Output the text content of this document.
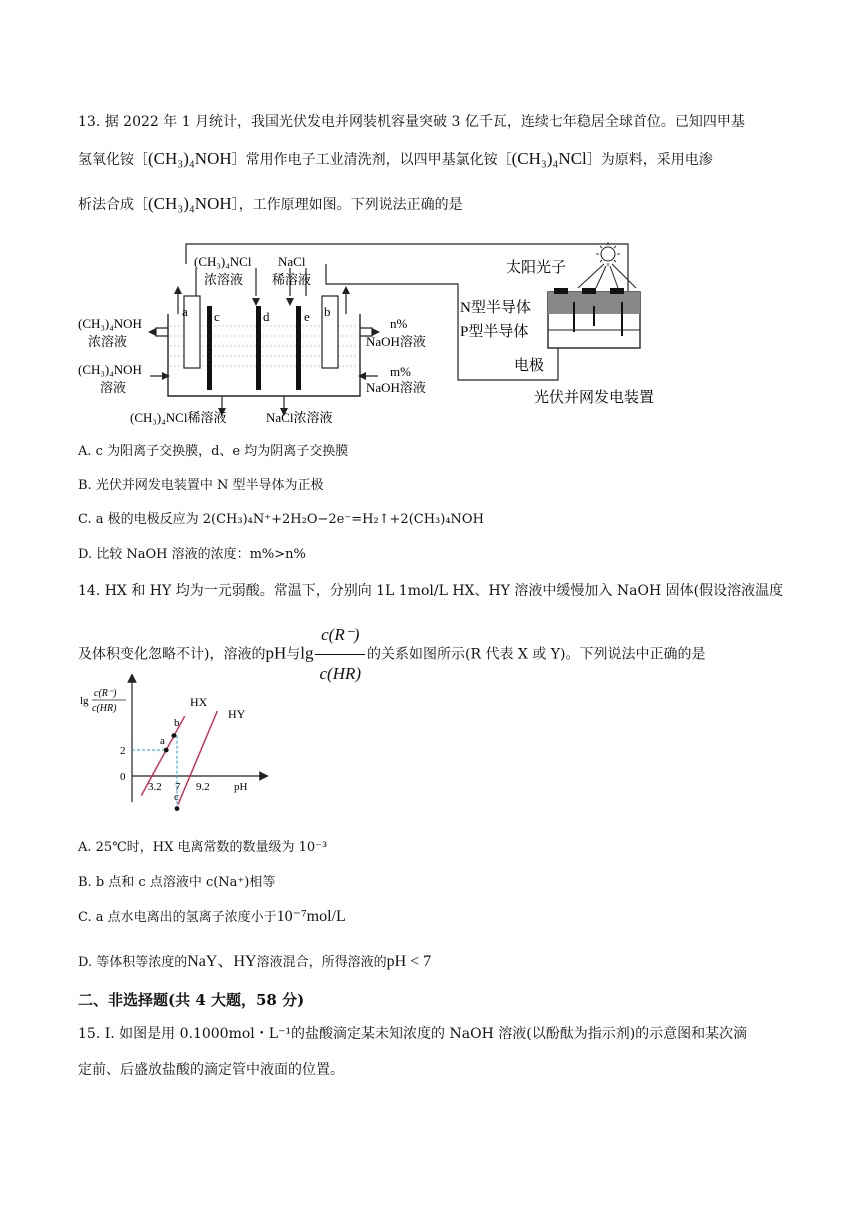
13. 据 2022 年 1 月统计，我国光伏发电并网装机容量突破 3 亿千瓦，连续七年稳居全球首位。已知四甲基
氢氧化铵［(CH₃)₄NOH］常用作电子工业清洗剂，以四甲基氯化铵［(CH₃)₄NCl］为原料，采用电渗
析法合成［(CH₃)₄NOH］，工作原理如图。下列说法正确的是
a c	d	e b
(CH₃)₄NCl
浓溶液
NaCl
稀溶液
(CH₃)₄NOH
浓溶液
(CH₃)₄NOH
溶液
n%
NaOH溶液
m%
NaOH溶液
(CH₃)₄NCl稀溶液	NaCl浓溶液
太阳光子
N型半导体
P型半导体
电极
光伏并网发电装置
A. c 为阳离子交换膜，d、e 均为阴离子交换膜
B. 光伏并网发电装置中 N 型半导体为正极
C. a 极的电极反应为 2(CH₃)₄N⁺+2H₂O−2e⁻=H₂↑+2(CH₃)₄NOH
D. 比较 NaOH 溶液的浓度：m%>n%
14. HX 和 HY 均为一元弱酸。常温下，分别向 1L 1mol/L HX、HY 溶液中缓慢加入 NaOH 固体(假设溶液温度
及体积变化忽略不计)，溶液的pH与$\lg \frac{c(R^-)}{c(HR)}$ 的关系如图所示(R 代表 X 或 Y)。下列说法中正确的是
lg
c(R⁻)
c(HR)
pH
HX
HY
2
0
3.2 7 9.2
a
b
c
A. 25℃时，HX 电离常数的数量级为 10⁻³
B. b 点和 c 点溶液中 c(Na⁺)相等
C. a 点水电离出的氢离子浓度小于10⁻⁷mol/L
D. 等体积等浓度的NaY、HY溶液混合，所得溶液的pH < 7
二、非选择题(共 4 大题，58 分)
15. Ⅰ. 如图是用 0.1000mol・L⁻¹的盐酸滴定某未知浓度的 NaOH 溶液(以酚酞为指示剂)的示意图和某次滴
定前、后盛放盐酸的滴定管中液面的位置。
